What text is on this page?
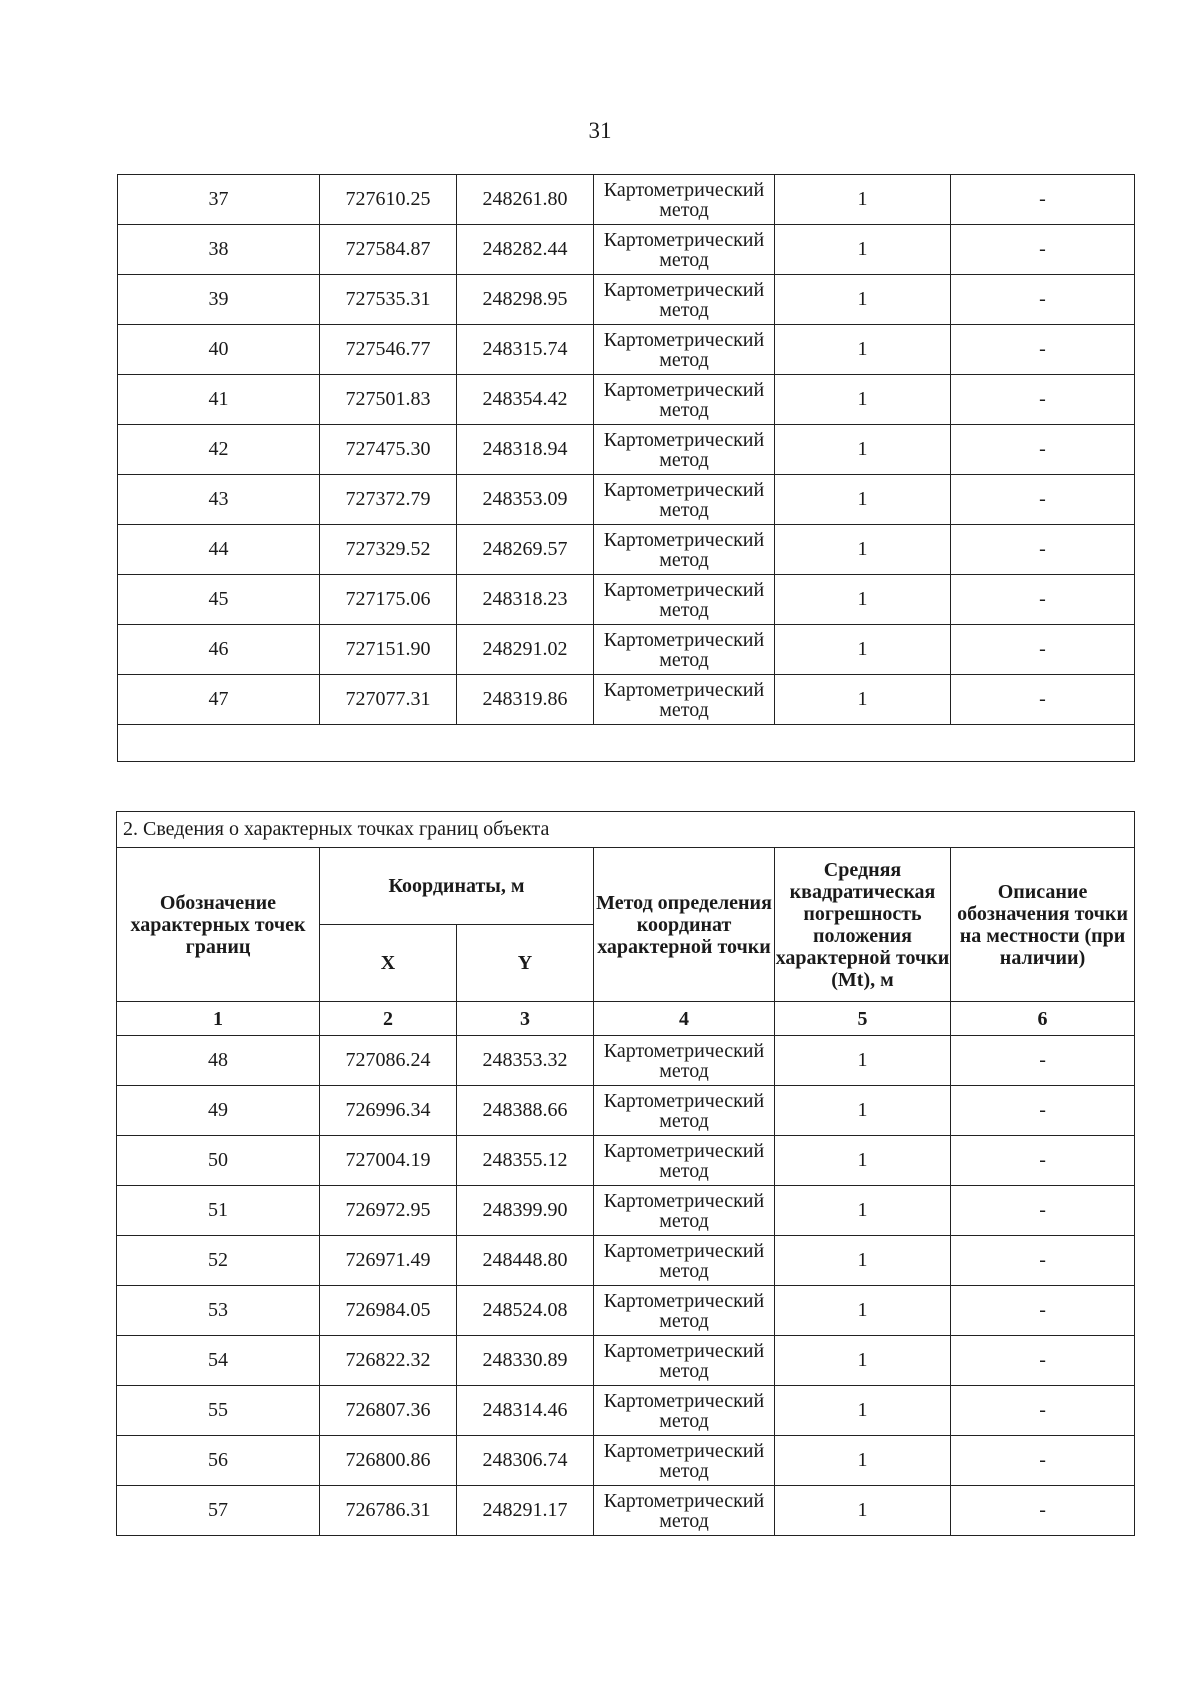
31
37	727610.25	248261.80	Картометрический метод	1	-
38	727584.87	248282.44	Картометрический метод	1	-
39	727535.31	248298.95	Картометрический метод	1	-
40	727546.77	248315.74	Картометрический метод	1	-
41	727501.83	248354.42	Картометрический метод	1	-
42	727475.30	248318.94	Картометрический метод	1	-
43	727372.79	248353.09	Картометрический метод	1	-
44	727329.52	248269.57	Картометрический метод	1	-
45	727175.06	248318.23	Картометрический метод	1	-
46	727151.90	248291.02	Картометрический метод	1	-
47	727077.31	248319.86	Картометрический метод	1	-

2. Сведения о характерных точках границ объекта					
Обозначение характерных точек границ	Координаты, м		Метод определения координат характерной точки	Средняя квадратическая погрешность положения характерной точки (Mt), м	Описание обозначения точки на местности (при наличии)
	X	Y			
1	2	3	4	5	6
48	727086.24	248353.32	Картометрический метод	1	-
49	726996.34	248388.66	Картометрический метод	1	-
50	727004.19	248355.12	Картометрический метод	1	-
51	726972.95	248399.90	Картометрический метод	1	-
52	726971.49	248448.80	Картометрический метод	1	-
53	726984.05	248524.08	Картометрический метод	1	-
54	726822.32	248330.89	Картометрический метод	1	-
55	726807.36	248314.46	Картометрический метод	1	-
56	726800.86	248306.74	Картометрический метод	1	-
57	726786.31	248291.17	Картометрический метод	1	-
